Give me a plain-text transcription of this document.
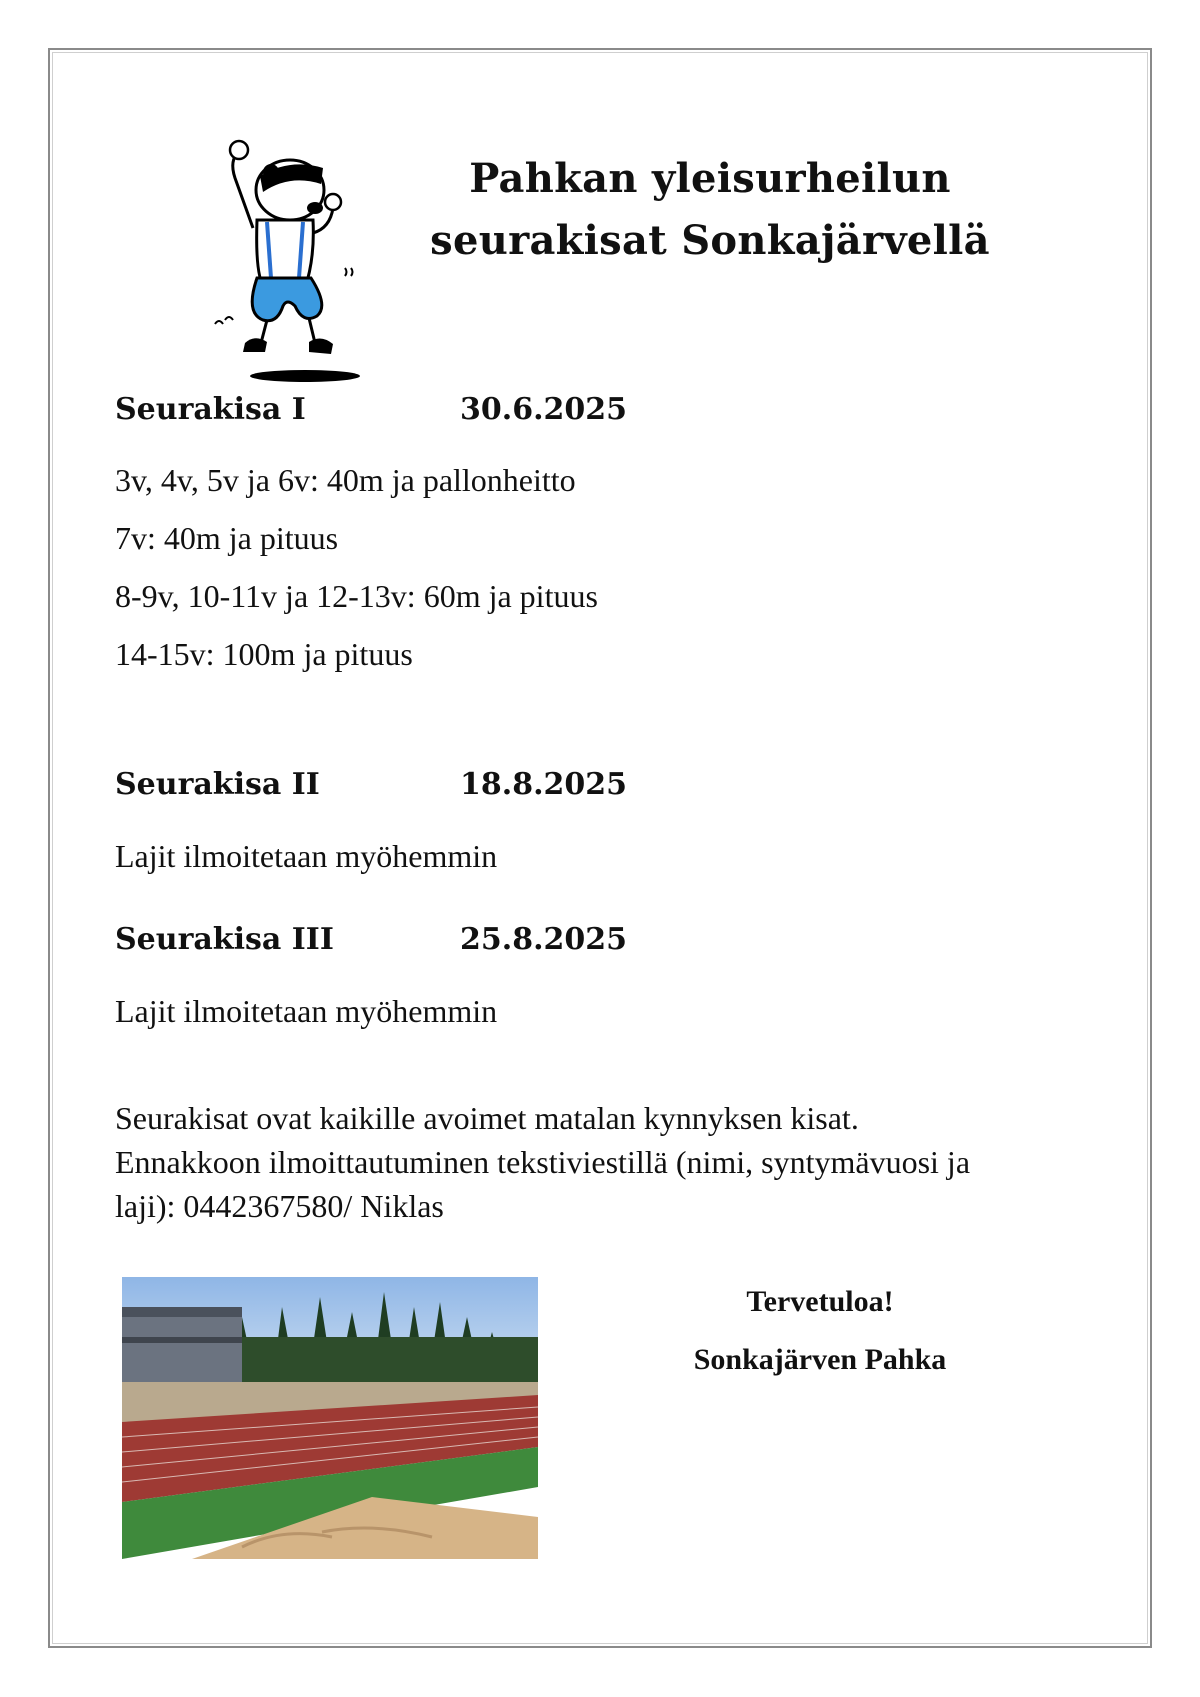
Pahkan yleisurheilun
seurakisat Sonkajärvellä
Seurakisa I	30.6.2025
3v, 4v, 5v ja 6v: 40m ja pallonheitto
7v: 40m ja pituus
8-9v, 10-11v ja 12-13v: 60m ja pituus
14-15v: 100m ja pituus
Seurakisa II	18.8.2025
Lajit ilmoitetaan myöhemmin
Seurakisa III	25.8.2025
Lajit ilmoitetaan myöhemmin
Seurakisat ovat kaikille avoimet matalan kynnyksen kisat.
Ennakkoon ilmoittautuminen tekstiviestillä (nimi, syntymävuosi ja
laji): 0442367580/ Niklas
Tervetuloa!
Sonkajärven Pahka
